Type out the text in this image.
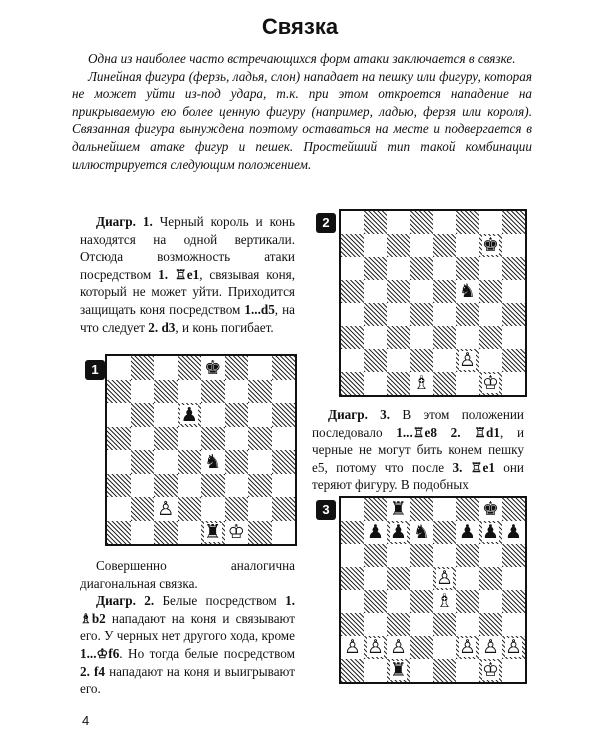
Связка

Одна из наиболее часто встречающихся форм атаки заключается в связке.

Линейная фигура (ферзь, ладья, слон) нападает на пешку или фигуру, которая не может уйти из-под удара, т.к. при этом откроется нападение на прикрываемую ею более ценную фигуру (например, ладью, ферзя или короля). Связанная фигура вынуждена поэтому оставаться на месте и подвергается в дальнейшем атаке фигур и пешек. Простейший тип такой комбинации иллюстрируется следующим положением.

Диагр. 1. Черный король и конь находятся на одной вертикали. Отсюда возможность атаки посредством 1. ♖e1, связывая коня, который не может уйти. Приходится защищать коня посредством 1...d5, на что следует 2. d3, и конь погибает.

Совершенно аналогична диагональная связка.

Диагр. 2. Белые посредством 1. ♗b2 нападают на коня и связывают его. У черных нет другого хода, кроме 1...♔f6. Но тогда белые посредством 2. f4 нападают на коня и выигрывают его.

Диагр. 3. В этом положении последовало 1...♖e8 2. ♖d1, и черные не могут бить конем пешку e5, потому что после 3. ♖e1 они теряют фигуру. В подобных

4
1	♚
♟
♞
♙
♜ ♔
2
♚
♞
♙
♗	♔
3	♜	♚
♟ ♟ ♞ ♟ ♟ ♟
♙
♗
♙ ♙ ♙	♙ ♙ ♙
♜	♔
